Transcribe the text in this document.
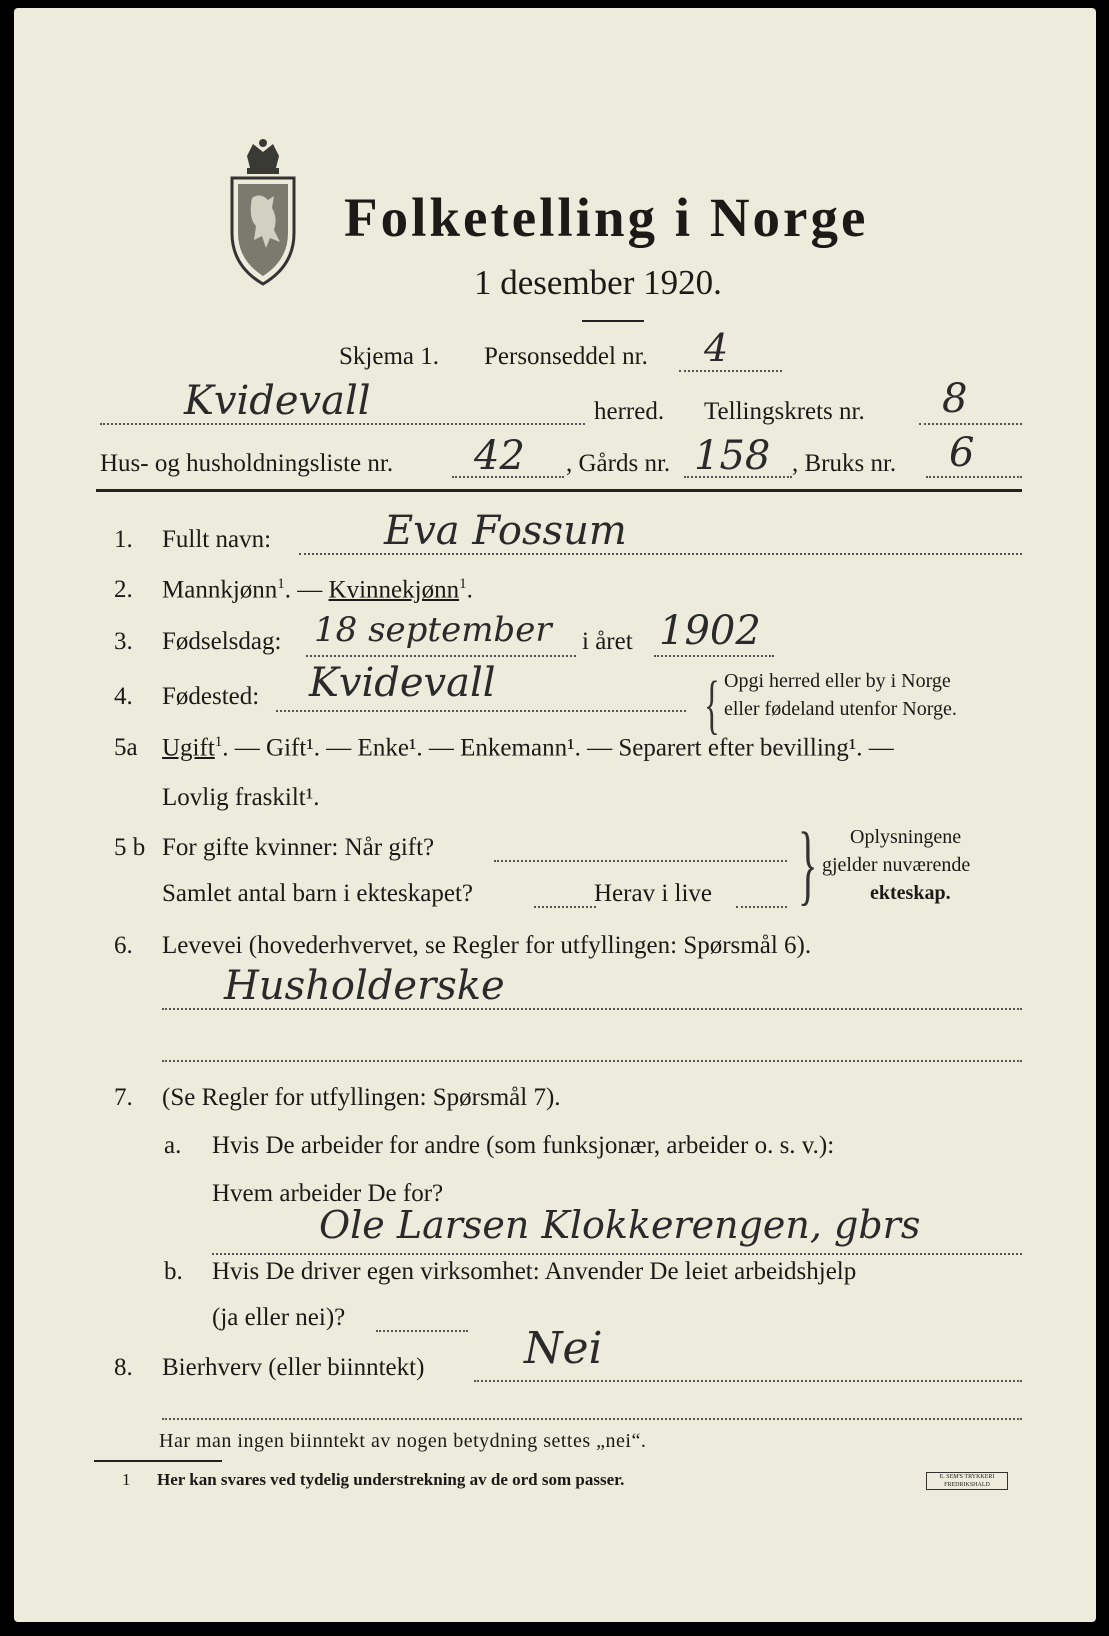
Folketelling i Norge
1 desember 1920.
Skjema 1. Personseddel nr. 4
Kvidevall	herred. Tellingskrets nr. 8
Hus- og husholdningsliste nr. 42 , Gårds nr. 158 , Bruks nr. 6
1. Fullt navn:	Eva Fossum
2. Mannkjønn$^1$. — Kvinnekjønn$^1$.
3. Fødselsdag: 18 september i året 1902
4. Fødested: Kvidevall	{ Opgi herred eller by i Norge
eller fødeland utenfor Norge.
5a Ugift$^1$. — Gift¹. — Enke¹. — Enkemann¹. — Separert efter bevilling¹. —
Lovlig fraskilt¹.
5 b For gifte kvinner: Når gift?
Samlet antal barn i ekteskapet?	Herav i live } Oplysningene
gjelder nuværende
ekteskap.
6. Levevei (hovederhvervet, se Regler for utfyllingen: Spørsmål 6).
Husholderske
7. (Se Regler for utfyllingen: Spørsmål 7).
a. Hvis De arbeider for andre (som funksjonær, arbeider o. s. v.):
Hvem arbeider De for?
Ole Larsen Klokkerengen, gbrs
b. Hvis De driver egen virksomhet: Anvender De leiet arbeidshjelp
(ja eller nei)?
8. Bierhverv (eller biinntekt) Nei
Har man ingen biinntekt av nogen betydning settes „nei“.
1 Her kan svares ved tydelig understrekning av de ord som passer.	E. SEM'S TRYKKERI FREDRIKSHALD
